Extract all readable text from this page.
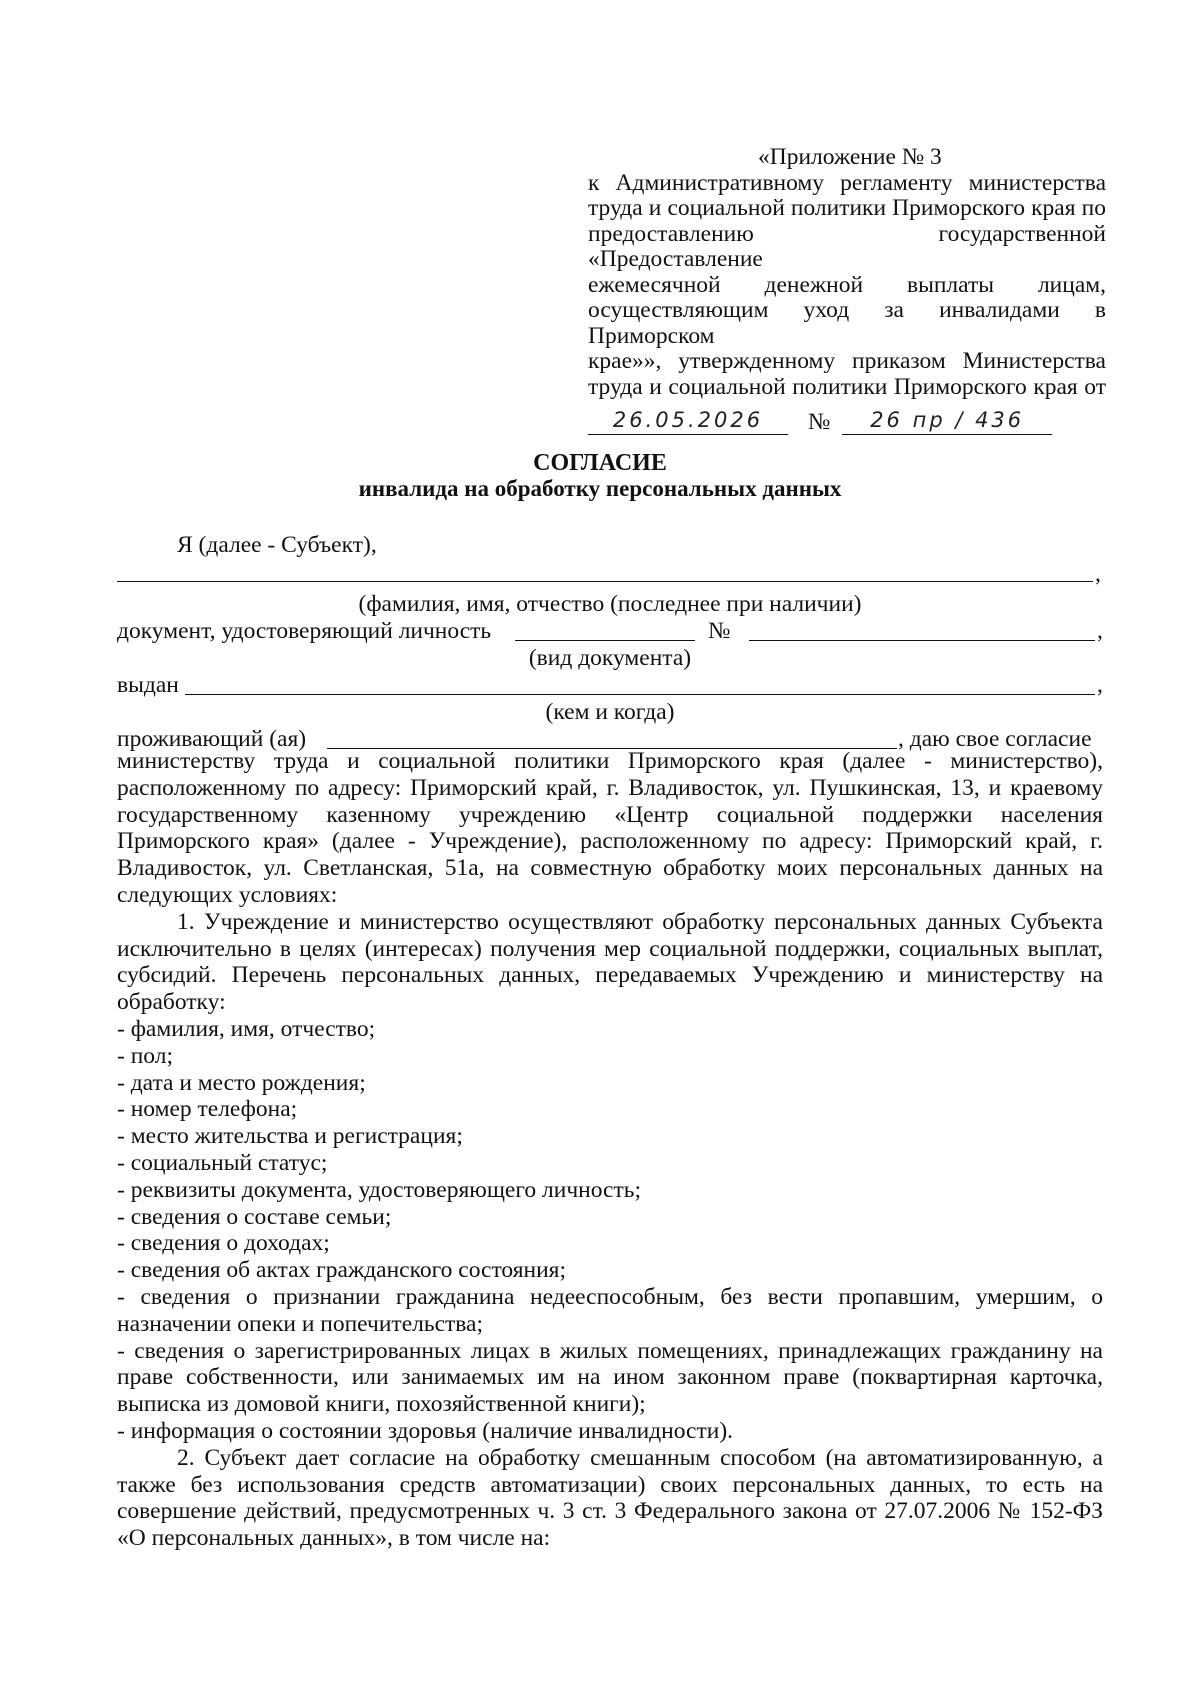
«Приложение № 3
к Административному регламенту министерства
труда и социальной политики Приморского края по
предоставлению государственной «Предоставление
ежемесячной денежной выплаты лицам,
осуществляющим уход за инвалидами в Приморском
крае»», утвержденному приказом Министерства
труда и социальной политики Приморского края от
26.05.2026 № 26 пр / 436
СОГЛАСИЕ
инвалида на обработку персональных данных
Я (далее - Субъект),
,
(фамилия, имя, отчество (последнее при наличии)
документ, удостоверяющий личность	№	,
(вид документа)
выдан	,
(кем и когда)
проживающий (ая)	, даю свое согласие

министерству труда и социальной политики Приморского края (далее - министерство), расположенному по адресу: Приморский край, г. Владивосток, ул. Пушкинская, 13, и краевому государственному казенному учреждению «Центр социальной поддержки населения Приморского края» (далее - Учреждение), расположенному по адресу: Приморский край, г. Владивосток, ул. Светланская, 51а, на совместную обработку моих персональных данных на следующих условиях:

1. Учреждение и министерство осуществляют обработку персональных данных Субъекта исключительно в целях (интересах) получения мер социальной поддержки, социальных выплат, субсидий. Перечень персональных данных, передаваемых Учреждению и министерству на обработку:

- фамилия, имя, отчество;
- пол;
- дата и место рождения;
- номер телефона;
- место жительства и регистрация;
- социальный статус;
- реквизиты документа, удостоверяющего личность;
- сведения о составе семьи;
- сведения о доходах;
- сведения об актах гражданского состояния;

- сведения о признании гражданина недееспособным, без вести пропавшим, умершим, о назначении опеки и попечительства;

- сведения о зарегистрированных лицах в жилых помещениях, принадлежащих гражданину на праве собственности, или занимаемых им на ином законном праве (поквартирная карточка, выписка из домовой книги, похозяйственной книги);

- информация о состоянии здоровья (наличие инвалидности).

2. Субъект дает согласие на обработку смешанным способом (на автоматизированную, а также без использования средств автоматизации) своих персональных данных, то есть на совершение действий, предусмотренных ч. 3 ст. 3 Федерального закона от 27.07.2006 № 152-ФЗ «О персональных данных», в том числе на:
